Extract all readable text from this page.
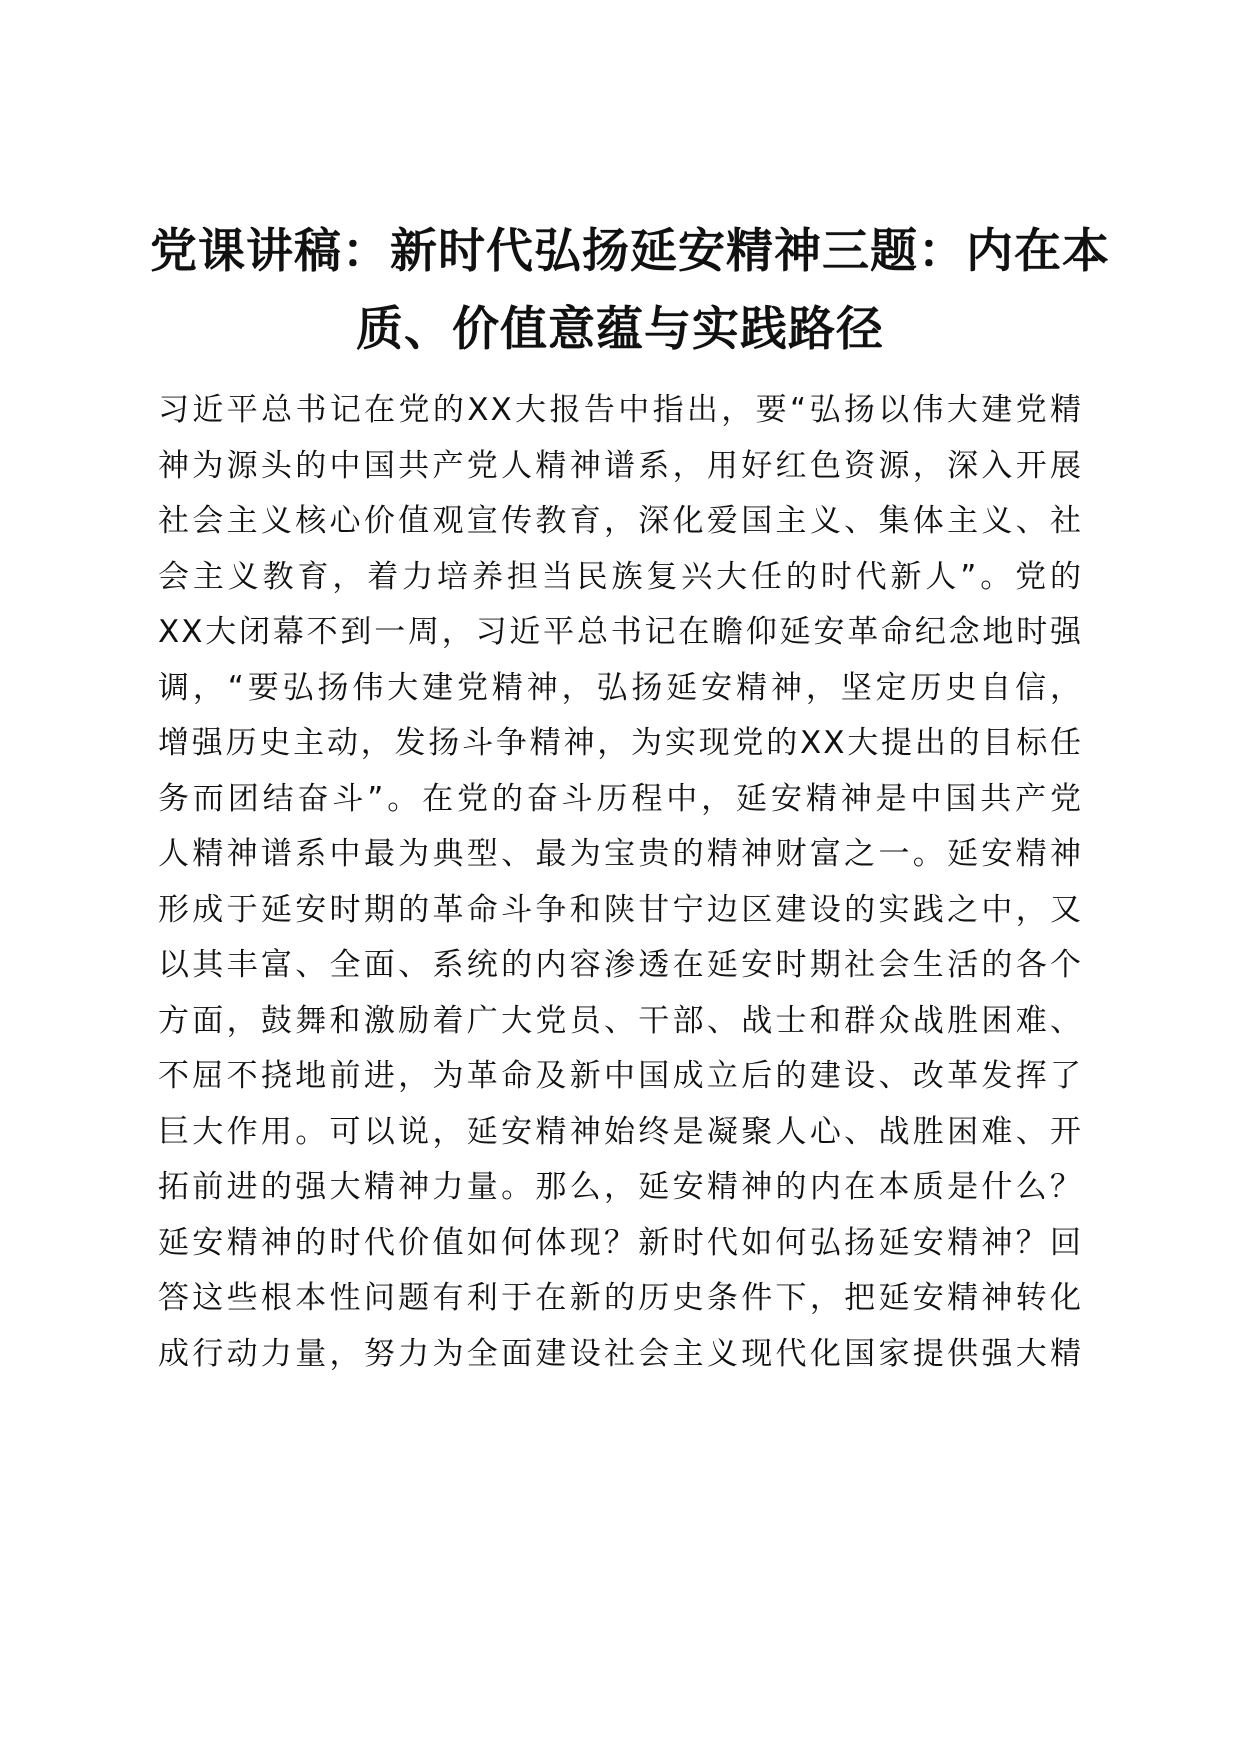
党课讲稿：新时代弘扬延安精神三题：内在本
质、价值意蕴与实践路径
习近平总书记在党的XX大报告中指出，要“弘扬以伟大建党精
神为源头的中国共产党人精神谱系，用好红色资源，深入开展
社会主义核心价值观宣传教育，深化爱国主义、集体主义、社
会主义教育，着力培养担当民族复兴大任的时代新人”。党的
XX大闭幕不到一周，习近平总书记在瞻仰延安革命纪念地时强
调，“要弘扬伟大建党精神，弘扬延安精神，坚定历史自信，
增强历史主动，发扬斗争精神，为实现党的XX大提出的目标任
务而团结奋斗”。在党的奋斗历程中，延安精神是中国共产党
人精神谱系中最为典型、最为宝贵的精神财富之一。延安精神
形成于延安时期的革命斗争和陕甘宁边区建设的实践之中，又
以其丰富、全面、系统的内容渗透在延安时期社会生活的各个
方面，鼓舞和激励着广大党员、干部、战士和群众战胜困难、
不屈不挠地前进，为革命及新中国成立后的建设、改革发挥了
巨大作用。可以说，延安精神始终是凝聚人心、战胜困难、开
拓前进的强大精神力量。那么，延安精神的内在本质是什么？
延安精神的时代价值如何体现？新时代如何弘扬延安精神？回
答这些根本性问题有利于在新的历史条件下，把延安精神转化
成行动力量，努力为全面建设社会主义现代化国家提供强大精
